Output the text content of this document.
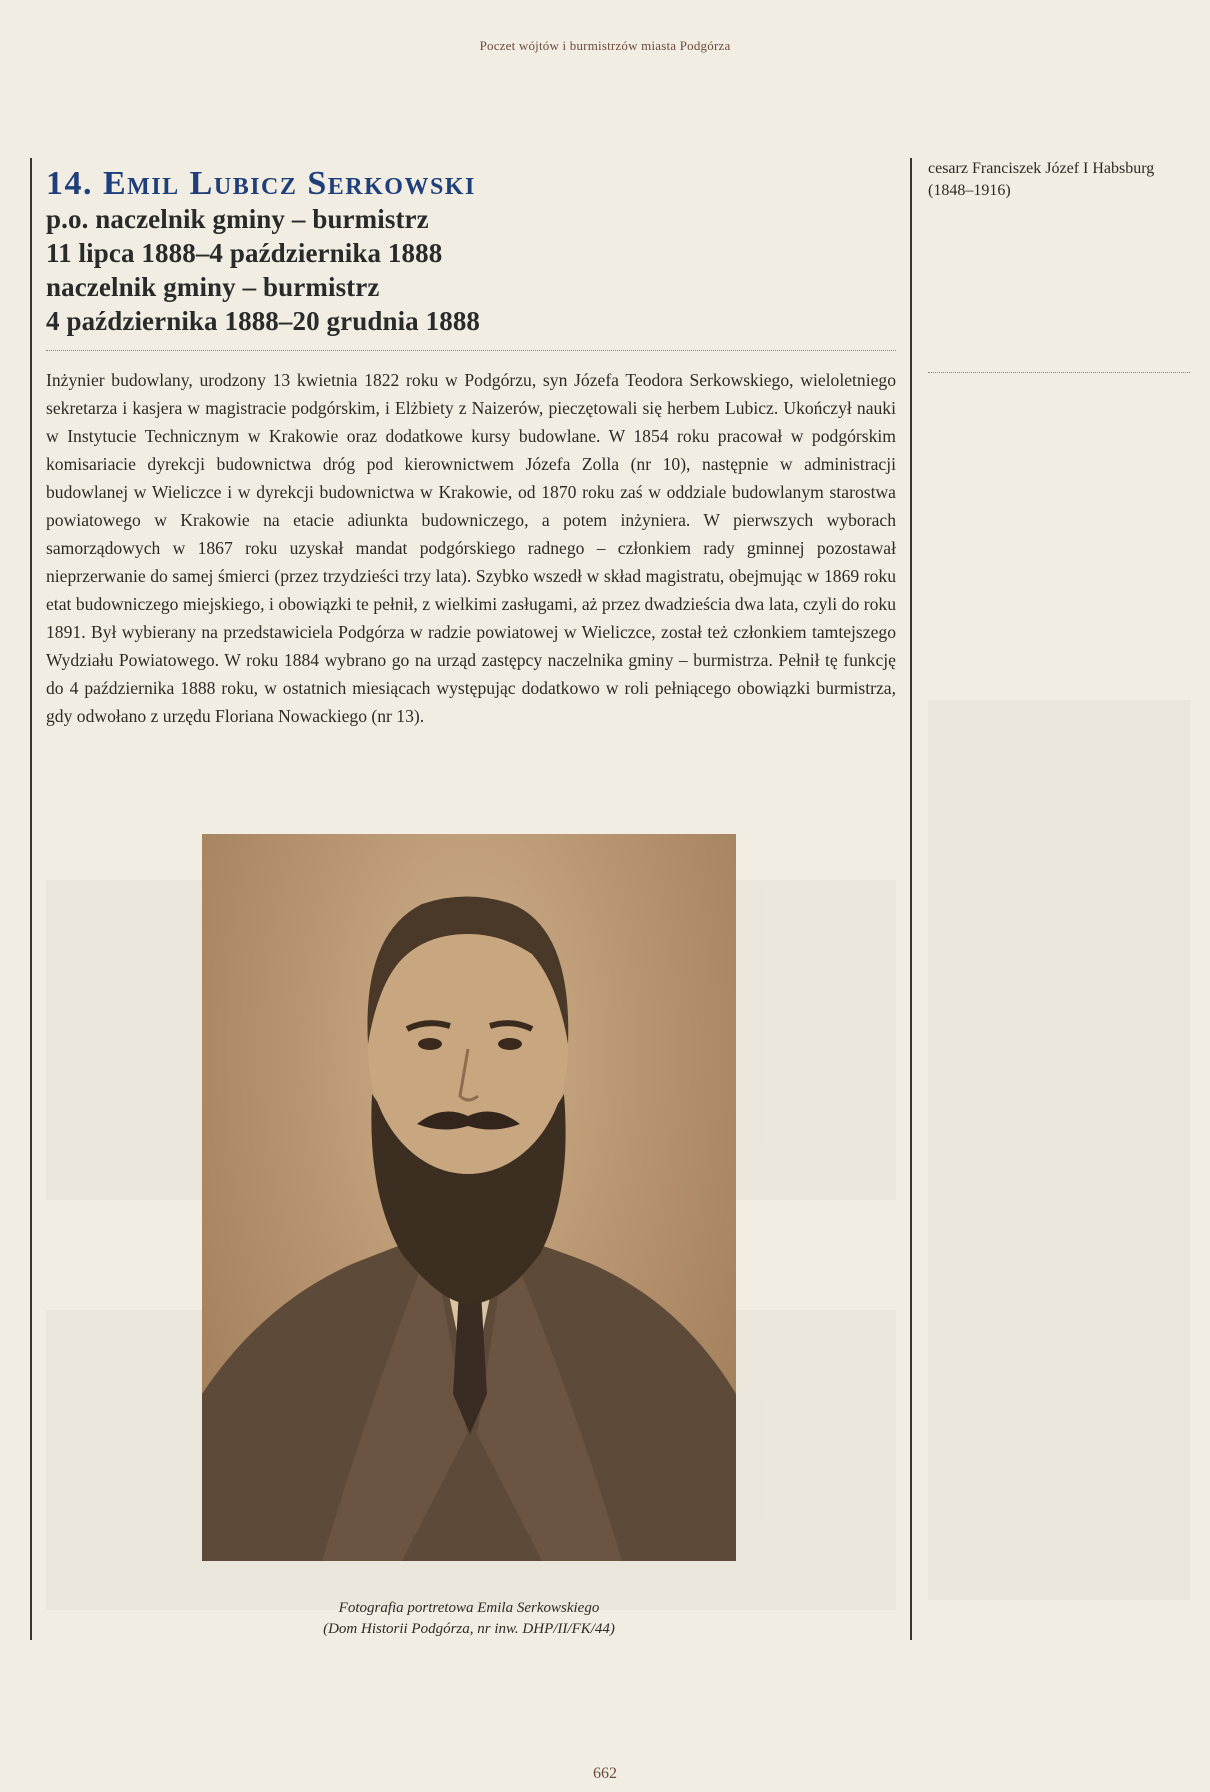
Poczet wójtów i burmistrzów miasta Podgórza
14. Emil Lubicz Serkowski
p.o. naczelnik gminy – burmistrz
11 lipca 1888–4 października 1888
naczelnik gminy – burmistrz
4 października 1888–20 grudnia 1888

Inżynier budowlany, urodzony 13 kwietnia 1822 roku w Podgórzu, syn Józefa Teodora Serkowskiego, wieloletniego sekretarza i kasjera w magistracie podgórskim, i Elżbiety z Naizerów, pieczętowali się herbem Lubicz. Ukończył nauki w Instytucie Technicznym w Krakowie oraz dodatkowe kursy budowlane. W 1854 roku pracował w podgórskim komisariacie dyrekcji budownictwa dróg pod kierownictwem Józefa Zolla (nr 10), następnie w administracji budowlanej w Wieliczce i w dyrekcji budownictwa w Krakowie, od 1870 roku zaś w oddziale budowlanym starostwa powiatowego w Krakowie na etacie adiunkta budowniczego, a potem inżyniera. W pierwszych wyborach samorządowych w 1867 roku uzyskał mandat podgórskiego radnego – członkiem rady gminnej pozostawał nieprzerwanie do samej śmierci (przez trzydzieści trzy lata). Szybko wszedł w skład magistratu, obejmując w 1869 roku etat budowniczego miejskiego, i obowiązki te pełnił, z wielkimi zasługami, aż przez dwadzieścia dwa lata, czyli do roku 1891. Był wybierany na przedstawiciela Podgórza w radzie powiatowej w Wieliczce, został też członkiem tamtejszego Wydziału Powiatowego. W roku 1884 wybrano go na urząd zastępcy naczelnika gminy – burmistrza. Pełnił tę funkcję do 4 października 1888 roku, w ostatnich miesiącach występując dodatkowo w roli pełniącego obowiązki burmistrza, gdy odwołano z urzędu Floriana Nowackiego (nr 13).

Fotografia portretowa Emila Serkowskiego
(Dom Historii Podgórza, nr inw. DHP/II/FK/44)
cesarz Franciszek Józef I Habsburg
(1848–1916)
662
